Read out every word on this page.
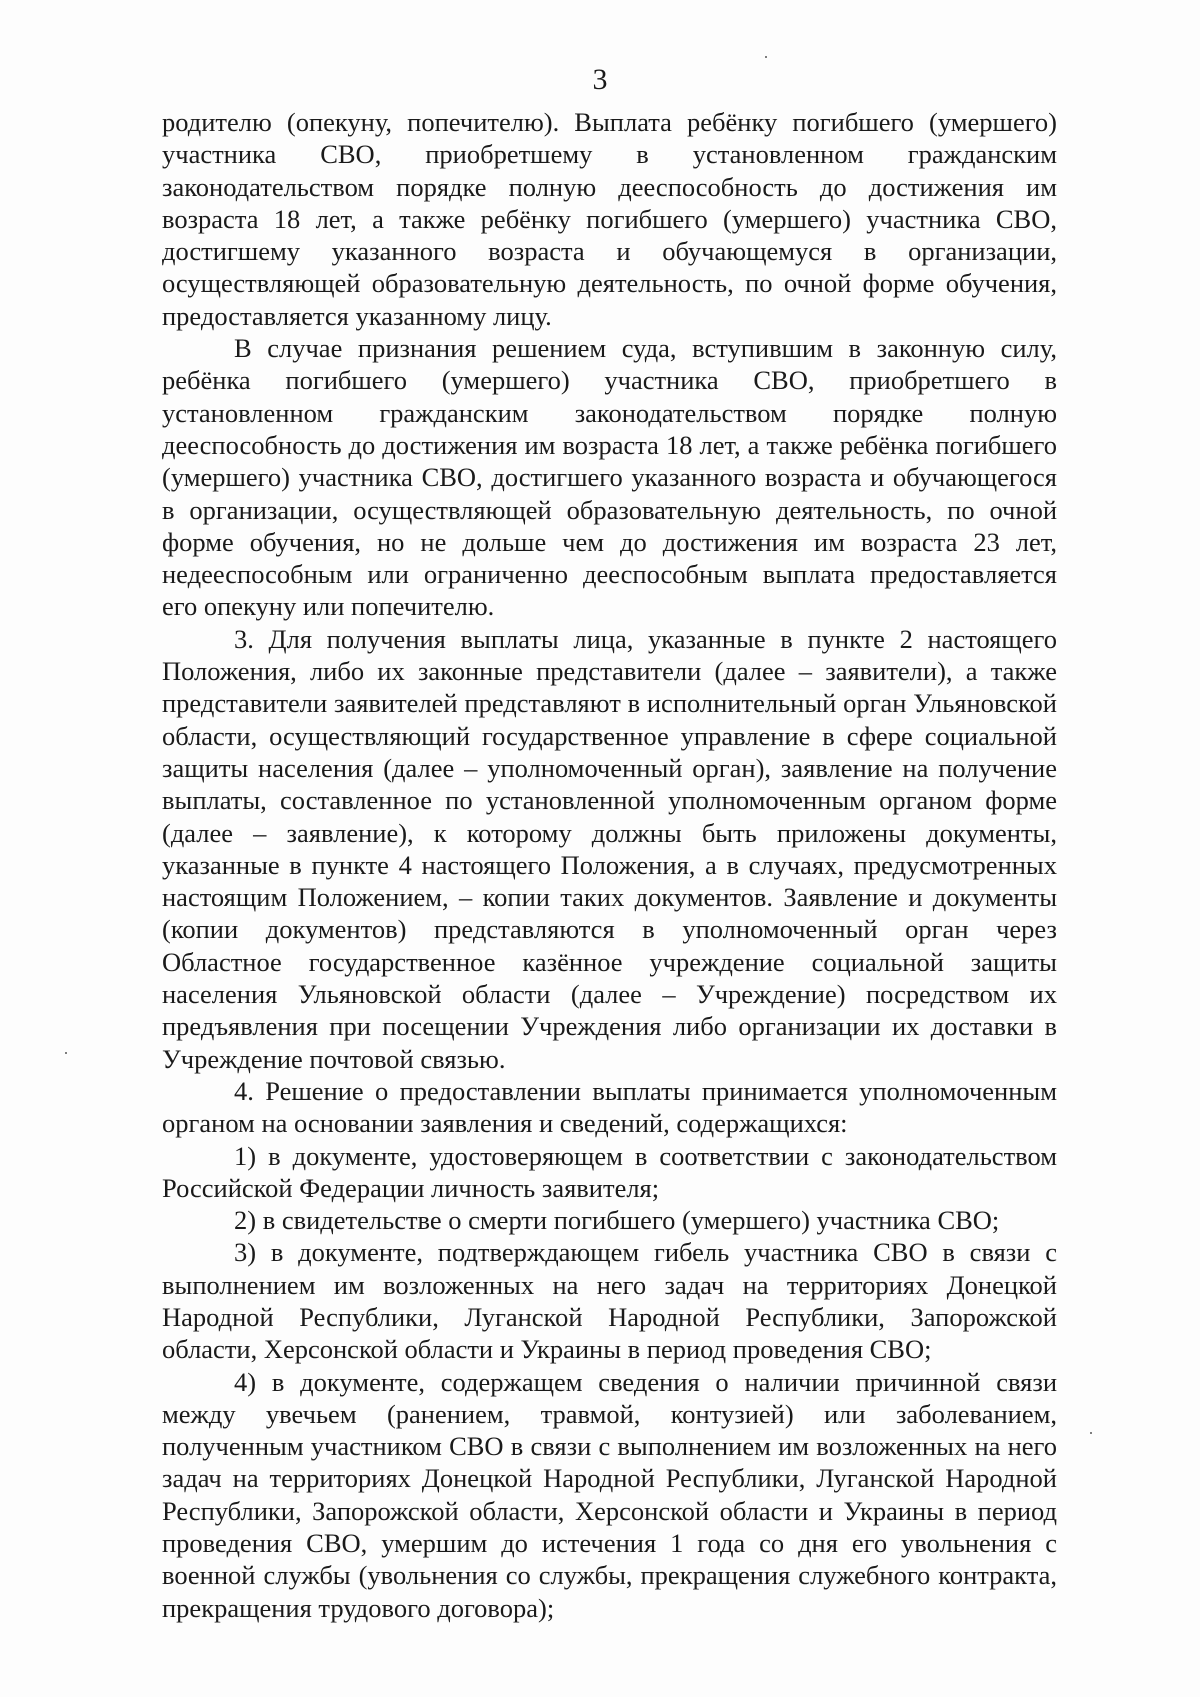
3

родителю (опекуну, попечителю). Выплата ребёнку погибшего (умершего) участника СВО, приобретшему в установленном гражданским законодательством порядке полную дееспособность до достижения им возраста 18 лет, а также ребёнку погибшего (умершего) участника СВО, достигшему указанного возраста и обучающемуся в организации, осуществляющей образовательную деятельность, по очной форме обучения, предоставляется указанному лицу.

В случае признания решением суда, вступившим в законную силу, ребёнка погибшего (умершего) участника СВО, приобретшего в установленном гражданским законодательством порядке полную дееспособность до достижения им возраста 18 лет, а также ребёнка погибшего (умершего) участника СВО, достигшего указанного возраста и обучающегося в организации, осуществляющей образовательную деятельность, по очной форме обучения, но не дольше чем до достижения им возраста 23 лет, недееспособным или ограниченно дееспособным выплата предоставляется его опекуну или попечителю.

3. Для получения выплаты лица, указанные в пункте 2 настоящего Положения, либо их законные представители (далее – заявители), а также представители заявителей представляют в исполнительный орган Ульяновской области, осуществляющий государственное управление в сфере социальной защиты населения (далее – уполномоченный орган), заявление на получение выплаты, составленное по установленной уполномоченным органом форме (далее – заявление), к которому должны быть приложены документы, указанные в пункте 4 настоящего Положения, а в случаях, предусмотренных настоящим Положением, – копии таких документов. Заявление и документы (копии документов) представляются в уполномоченный орган через Областное государственное казённое учреждение социальной защиты населения Ульяновской области (далее – Учреждение) посредством их предъявления при посещении Учреждения либо организации их доставки в Учреждение почтовой связью.

4. Решение о предоставлении выплаты принимается уполномоченным органом на основании заявления и сведений, содержащихся:

1) в документе, удостоверяющем в соответствии с законодательством Российской Федерации личность заявителя;

2) в свидетельстве о смерти погибшего (умершего) участника СВО;

3) в документе, подтверждающем гибель участника СВО в связи с выполнением им возложенных на него задач на территориях Донецкой Народной Республики, Луганской Народной Республики, Запорожской области, Херсонской области и Украины в период проведения СВО;

4) в документе, содержащем сведения о наличии причинной связи между увечьем (ранением, травмой, контузией) или заболеванием, полученным участником СВО в связи с выполнением им возложенных на него задач на территориях Донецкой Народной Республики, Луганской Народной Республики, Запорожской области, Херсонской области и Украины в период проведения СВО, умершим до истечения 1 года со дня его увольнения с военной службы (увольнения со службы, прекращения служебного контракта, прекращения трудового договора);
